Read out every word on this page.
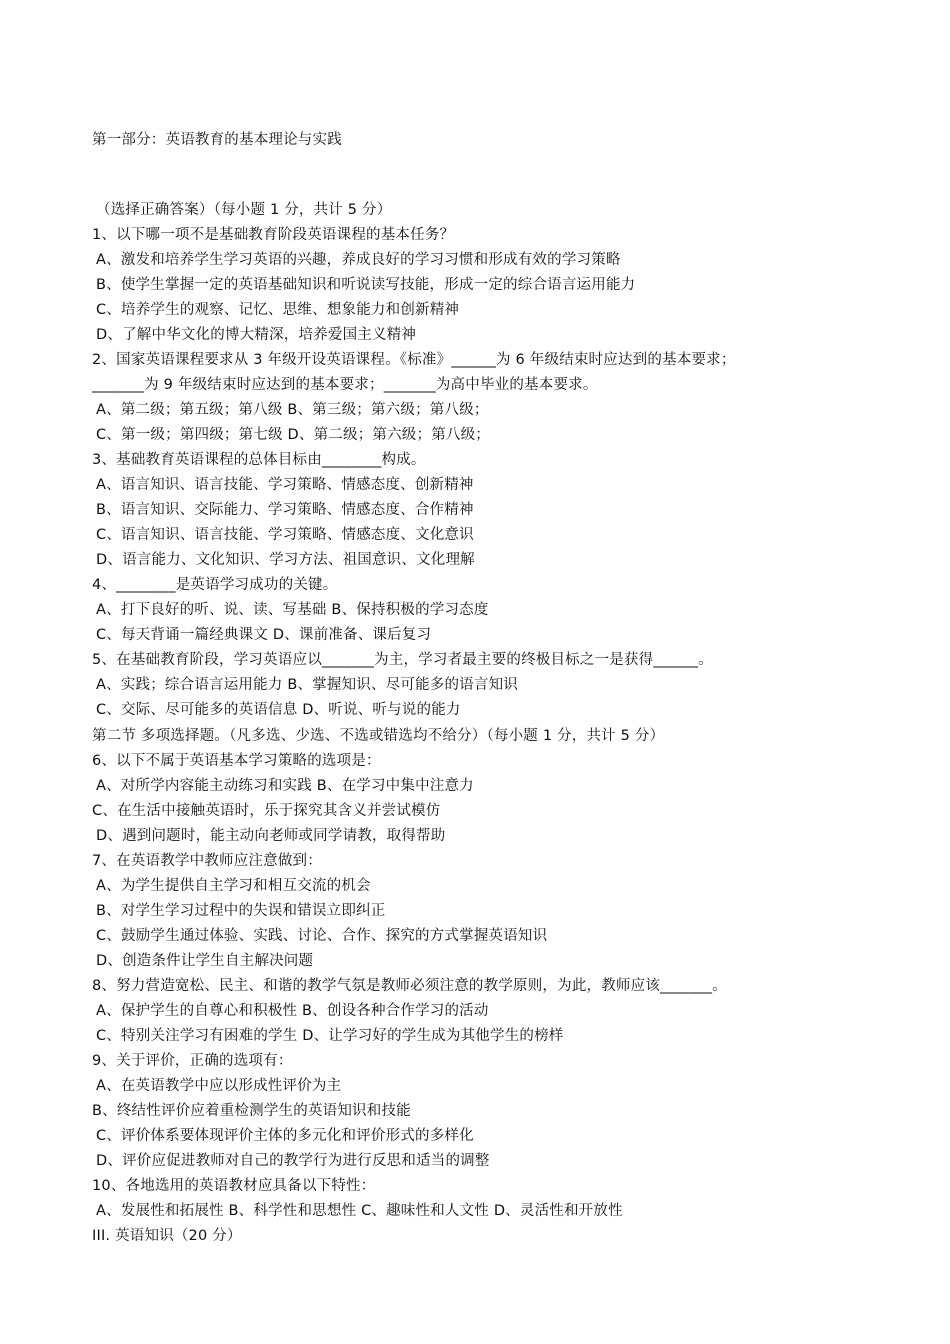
第一部分：英语教育的基本理论与实践
（选择正确答案）（每小题 1 分，共计 5 分）
1、以下哪一项不是基础教育阶段英语课程的基本任务？
A、激发和培养学生学习英语的兴趣，养成良好的学习习惯和形成有效的学习策略
B、使学生掌握一定的英语基础知识和听说读写技能，形成一定的综合语言运用能力
C、培养学生的观察、记忆、思维、想象能力和创新精神
D、了解中华文化的博大精深，培养爱国主义精神
2、国家英语课程要求从 3 年级开设英语课程。《标准》______为 6 年级结束时应达到的基本要求；
_______为 9 年级结束时应达到的基本要求；_______为高中毕业的基本要求。
A、第二级；第五级；第八级 B、第三级；第六级；第八级；
C、第一级；第四级；第七级 D、第二级；第六级；第八级；
3、基础教育英语课程的总体目标由________构成。
A、语言知识、语言技能、学习策略、情感态度、创新精神
B、语言知识、交际能力、学习策略、情感态度、合作精神
C、语言知识、语言技能、学习策略、情感态度、文化意识
D、语言能力、文化知识、学习方法、祖国意识、文化理解
4、________是英语学习成功的关键。
A、打下良好的听、说、读、写基础 B、保持积极的学习态度
C、每天背诵一篇经典课文 D、课前准备、课后复习
5、在基础教育阶段，学习英语应以_______为主，学习者最主要的终极目标之一是获得______。
A、实践；综合语言运用能力 B、掌握知识、尽可能多的语言知识
C、交际、尽可能多的英语信息 D、听说、听与说的能力
第二节 多项选择题。（凡多选、少选、不选或错选均不给分）（每小题 1 分，共计 5 分）
6、以下不属于英语基本学习策略的选项是：
A、对所学内容能主动练习和实践 B、在学习中集中注意力
C、在生活中接触英语时，乐于探究其含义并尝试模仿
D、遇到问题时，能主动向老师或同学请教，取得帮助
7、在英语教学中教师应注意做到：
A、为学生提供自主学习和相互交流的机会
B、对学生学习过程中的失误和错误立即纠正
C、鼓励学生通过体验、实践、讨论、合作、探究的方式掌握英语知识
D、创造条件让学生自主解决问题
8、努力营造宽松、民主、和谐的教学气氛是教师必须注意的教学原则，为此，教师应该_______。
A、保护学生的自尊心和积极性 B、创设各种合作学习的活动
C、特别关注学习有困难的学生 D、让学习好的学生成为其他学生的榜样
9、关于评价，正确的选项有：
A、在英语教学中应以形成性评价为主
B、终结性评价应着重检测学生的英语知识和技能
C、评价体系要体现评价主体的多元化和评价形式的多样化
D、评价应促进教师对自己的教学行为进行反思和适当的调整
10、各地选用的英语教材应具备以下特性：
A、发展性和拓展性 B、科学性和思想性 C、趣味性和人文性 D、灵活性和开放性
III. 英语知识（20 分）
